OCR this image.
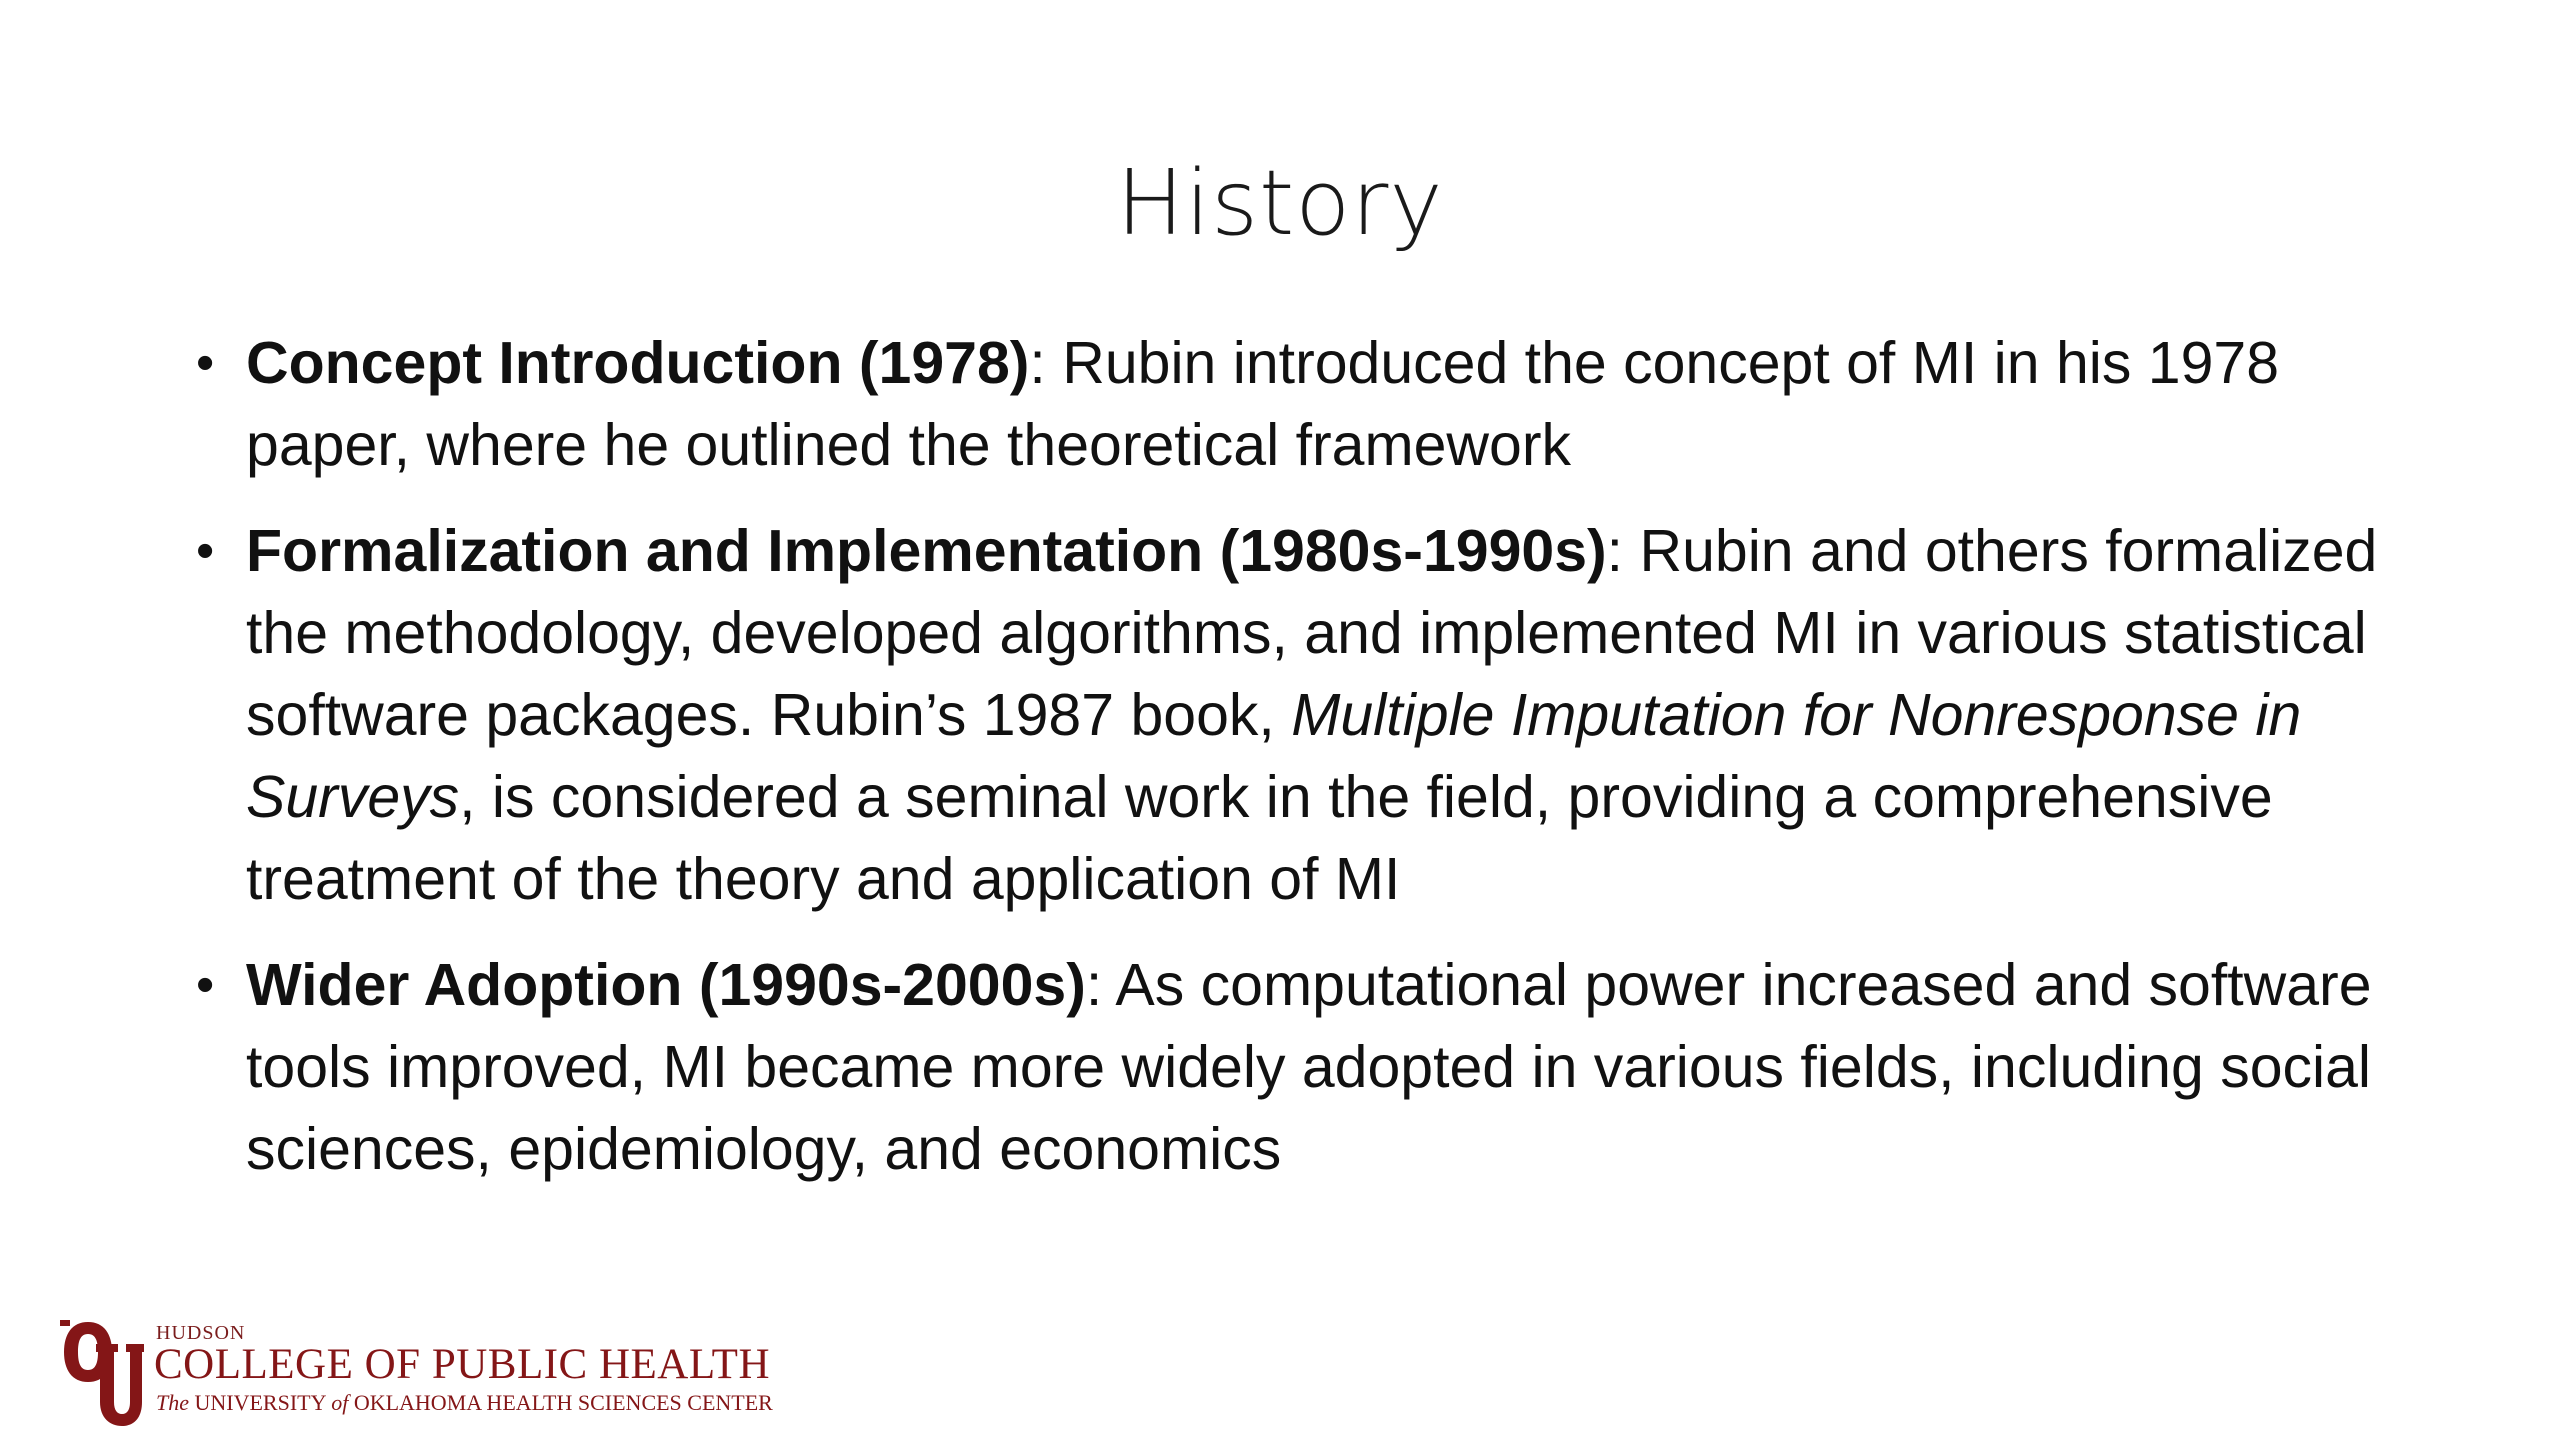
History
• Concept Introduction (1978): Rubin introduced the concept of MI in his 1978 paper, where he outlined the theoretical framework
• Formalization and Implementation (1980s-1990s): Rubin and others formalized the methodology, developed algorithms, and implemented MI in various statistical software packages. Rubin’s 1987 book, Multiple Imputation for Nonresponse in Surveys, is considered a seminal work in the field, providing a comprehensive treatment of the theory and application of MI
• Wider Adoption (1990s-2000s): As computational power increased and software tools improved, MI became more widely adopted in various fields, including social sciences, epidemiology, and economics
HUDSON
COLLEGE OF PUBLIC HEALTH
The UNIVERSITY of OKLAHOMA HEALTH SCIENCES CENTER
